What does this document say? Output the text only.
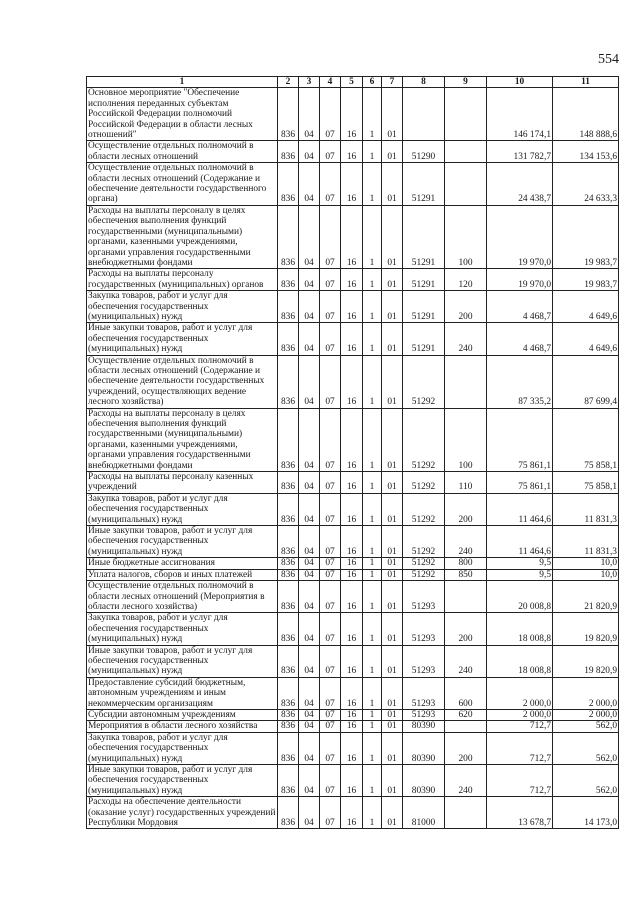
554
1	2	3	4	5	6	7	8	9	10	11
Основное мероприятие "Обеспечение исполнения переданных субъектам Российской Федерации полномочий Российской Федерации в области лесных отношений"	836	04	07	16	1	01			146 174,1	148 888,6
Осуществление отдельных полномочий в области лесных отношений	836	04	07	16	1	01	51290		131 782,7	134 153,6
Осуществление отдельных полномочий в области лесных отношений (Содержание и обеспечение деятельности государственного органа)	836	04	07	16	1	01	51291		24 438,7	24 633,3
Расходы на выплаты персоналу в целях обеспечения выполнения функций государственными (муниципальными) органами, казенными учреждениями, органами управления государственными внебюджетными фондами	836	04	07	16	1	01	51291	100	19 970,0	19 983,7
Расходы на выплаты персоналу государственных (муниципальных) органов	836	04	07	16	1	01	51291	120	19 970,0	19 983,7
Закупка товаров, работ и услуг для обеспечения государственных (муниципальных) нужд	836	04	07	16	1	01	51291	200	4 468,7	4 649,6
Иные закупки товаров, работ и услуг для обеспечения государственных (муниципальных) нужд	836	04	07	16	1	01	51291	240	4 468,7	4 649,6
Осуществление отдельных полномочий в области лесных отношений (Содержание и обеспечение деятельности государственных учреждений, осуществляющих ведение лесного хозяйства)	836	04	07	16	1	01	51292		87 335,2	87 699,4
Расходы на выплаты персоналу в целях обеспечения выполнения функций государственными (муниципальными) органами, казенными учреждениями, органами управления государственными внебюджетными фондами	836	04	07	16	1	01	51292	100	75 861,1	75 858,1
Расходы на выплаты персоналу казенных учреждений	836	04	07	16	1	01	51292	110	75 861,1	75 858,1
Закупка товаров, работ и услуг для обеспечения государственных (муниципальных) нужд	836	04	07	16	1	01	51292	200	11 464,6	11 831,3
Иные закупки товаров, работ и услуг для обеспечения государственных (муниципальных) нужд	836	04	07	16	1	01	51292	240	11 464,6	11 831,3
Иные бюджетные ассигнования	836	04	07	16	1	01	51292	800	9,5	10,0
Уплата налогов, сборов и иных платежей	836	04	07	16	1	01	51292	850	9,5	10,0
Осуществление отдельных полномочий в области лесных отношений (Мероприятия в области лесного хозяйства)	836	04	07	16	1	01	51293		20 008,8	21 820,9
Закупка товаров, работ и услуг для обеспечения государственных (муниципальных) нужд	836	04	07	16	1	01	51293	200	18 008,8	19 820,9
Иные закупки товаров, работ и услуг для обеспечения государственных (муниципальных) нужд	836	04	07	16	1	01	51293	240	18 008,8	19 820,9
Предоставление субсидий бюджетным, автономным учреждениям и иным некоммерческим организациям	836	04	07	16	1	01	51293	600	2 000,0	2 000,0
Субсидии автономным учреждениям	836	04	07	16	1	01	51293	620	2 000,0	2 000,0
Мероприятия в области лесного хозяйства	836	04	07	16	1	01	80390		712,7	562,0
Закупка товаров, работ и услуг для обеспечения государственных (муниципальных) нужд	836	04	07	16	1	01	80390	200	712,7	562,0
Иные закупки товаров, работ и услуг для обеспечения государственных (муниципальных) нужд	836	04	07	16	1	01	80390	240	712,7	562,0
Расходы на обеспечение деятельности (оказание услуг) государственных учреждений Республики Мордовия	836	04	07	16	1	01	81000		13 678,7	14 173,0
